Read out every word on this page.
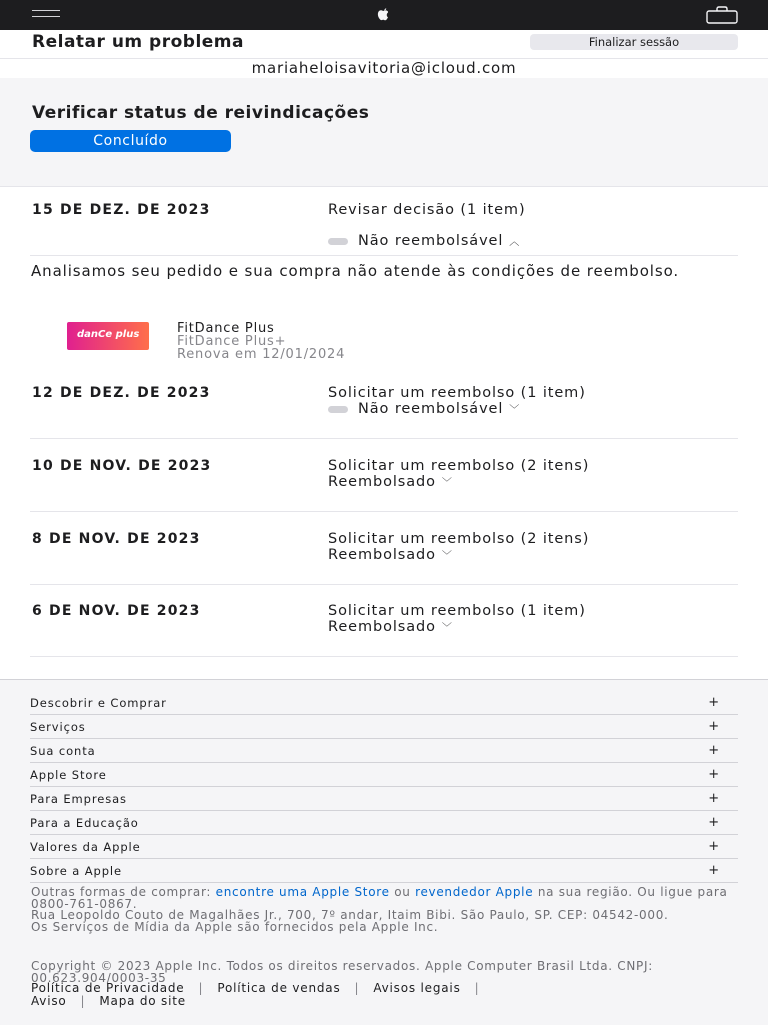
Relatar um problema	Finalizar sessão
mariaheloisavitoria@icloud.com
Verificar status de reivindicações
Concluído
15 DE DEZ. DE 2023	Revisar decisão (1 item)
Não reembolsável ︿
Analisamos seu pedido e sua compra não atende às condições de reembolso.
danCe plus	FitDance Plus
FitDance Plus+
Renova em 12/01/2024
12 DE DEZ. DE 2023	Solicitar um reembolso (1 item)
Não reembolsável ﹀
10 DE NOV. DE 2023	Solicitar um reembolso (2 itens)
Reembolsado ﹀
8 DE NOV. DE 2023	Solicitar um reembolso (2 itens)
Reembolsado ﹀
6 DE NOV. DE 2023	Solicitar um reembolso (1 item)
Reembolsado ﹀
Descobrir e Comprar	+
Serviços	+
Sua conta	+
Apple Store	+
Para Empresas	+
Para a Educação	+
Valores da Apple	+
Sobre a Apple	+
Outras formas de comprar: encontre uma Apple Store ou revendedor Apple na sua região. Ou ligue para 0800-761-0867.
Rua Leopoldo Couto de Magalhães Jr., 700, 7º andar, Itaim Bibi. São Paulo, SP. CEP: 04542-000.
Os Serviços de Mídia da Apple são fornecidos pela Apple Inc.
Copyright © 2023 Apple Inc. Todos os direitos reservados. Apple Computer Brasil Ltda. CNPJ: 00.623.904/0003-35
Política de Privacidade | Política de vendas | Avisos legais |
Aviso | Mapa do site
